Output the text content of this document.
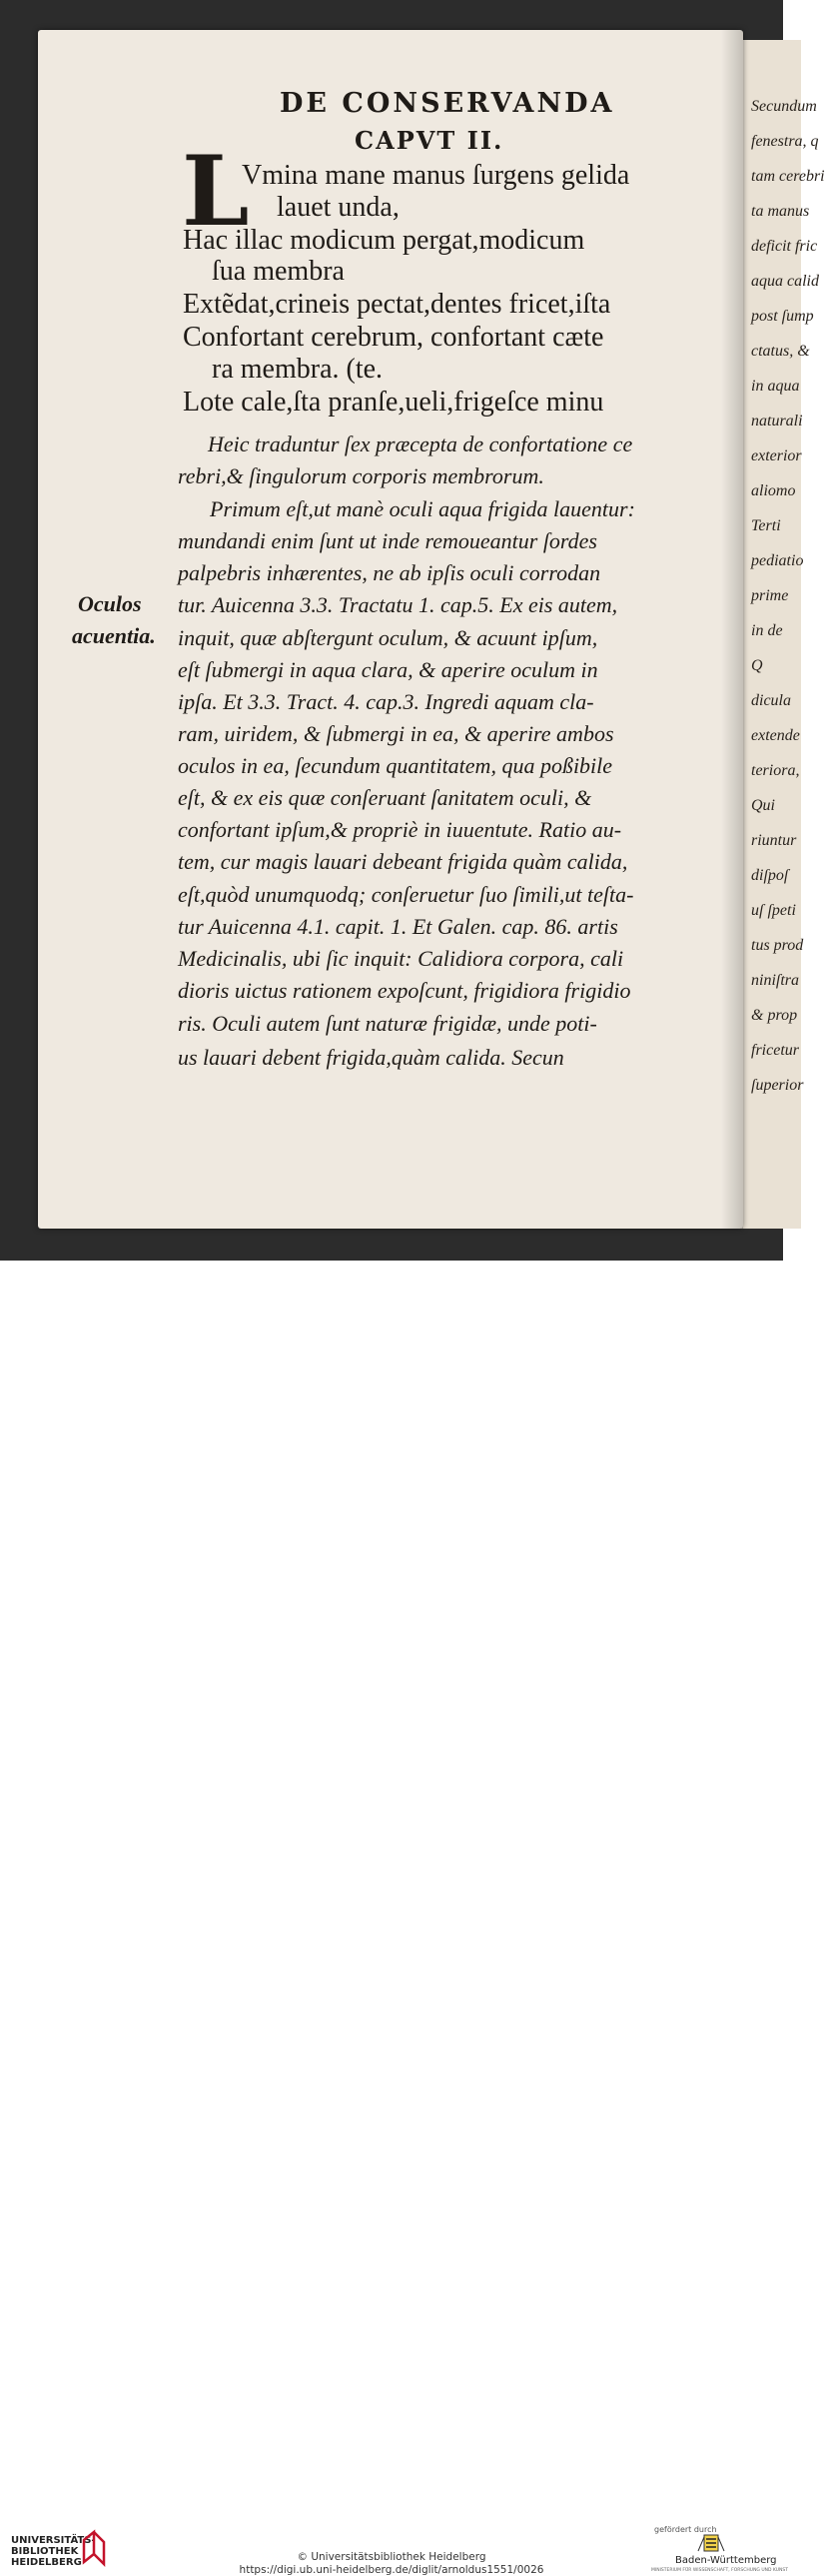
Secundum
fenestra, q
tam cerebri
ta manus
deficit fric
aqua calid
post ſump
ctatus, &
in aqua
naturali
exterior
aliomo
Terti
pediatio
prime
in de
Q
dicula
extende
teriora,
Qui
riuntur
diſpoſ
uſ ſpeti
tus prod
niniſtra
& prop
fricetur
ſuperior
DE CONSERVANDA
CAPVT II.
L
Vmina mane manus ſurgens gelida
lauet unda,
Hac illac modicum pergat,modicum
ſua membra
Extẽdat,crineis pectat,dentes fricet,iſta
Confortant cerebrum, confortant cæte
ra membra. (te.
Lote cale,ſta pranſe,ueli,frigeſce minu
Heic traduntur ſex præcepta de confortatione ce
rebri,& ſingulorum corporis membrorum.
Primum eſt,ut manè oculi aqua frigida lauentur:
mundandi enim ſunt ut inde remoueantur ſordes
palpebris inhærentes, ne ab ipſis oculi corrodan
tur. Auicenna 3.3. Tractatu 1. cap.5. Ex eis autem,
inquit, quæ abſtergunt oculum, & acuunt ipſum,
eſt ſubmergi in aqua clara, & aperire oculum in
ipſa. Et 3.3. Tract. 4. cap.3. Ingredi aquam cla-
ram, uiridem, & ſubmergi in ea, & aperire ambos
oculos in ea, ſecundum quantitatem, qua poßibile
eſt, & ex eis quæ conſeruant ſanitatem oculi, &
confortant ipſum,& propriè in iuuentute. Ratio au-
tem, cur magis lauari debeant frigida quàm calida,
eſt,quòd unumquodq; conſeruetur ſuo ſimili,ut teſta-
tur Auicenna 4.1. capit. 1. Et Galen. cap. 86. artis
Medicinalis, ubi ſic inquit: Calidiora corpora, cali
dioris uictus rationem expoſcunt, frigidiora frigidio
ris. Oculi autem ſunt naturæ frigidæ, unde poti-
us lauari debent frigida,quàm calida. Secun
Oculos
acuentia.
UNIVERSITÄTS-
BIBLIOTHEK
HEIDELBERG	© Universitätsbibliothek Heidelberg
https://digi.ub.uni-heidelberg.de/diglit/arnoldus1551/0026
gefördert durch
Baden-Württemberg
MINISTERIUM FÜR WISSENSCHAFT, FORSCHUNG UND KUNST
